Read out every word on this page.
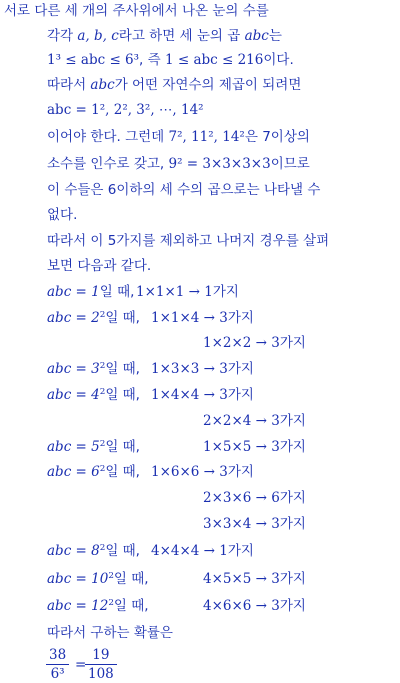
서로 다른 세 개의 주사위에서 나온 눈의 수를
각각 a, b, c라고 하면 세 눈의 곱 abc는
1³ ≤ abc ≤ 6³, 즉 1 ≤ abc ≤ 216이다.
따라서 abc가 어떤 자연수의 제곱이 되려면
abc = 1², 2², 3², ⋯, 14²
이어야 한다. 그런데 7², 11², 14²은 7이상의
소수를 인수로 갖고, 9² = 3×3×3×3이므로
이 수들은 6이하의 세 수의 곱으로는 나타낼 수
없다.
따라서 이 5가지를 제외하고 나머지 경우를 살펴
보면 다음과 같다.
abc = 1일 때,
abc = $2^2$일 때,
abc = $3^2$일 때,
abc = $4^2$일 때,
abc = $5^2$일 때,
abc = $6^2$일 때,
abc = $8^2$일 때,
abc = $10^2$일 때,
abc = $12^2$일 때,
1×1×1 → 1가지
1×1×4 → 3가지
1×2×2 → 3가지
1×3×3 → 3가지
1×4×4 → 3가지
2×2×4 → 3가지
1×5×5 → 3가지
1×6×6 → 3가지
2×3×6 → 6가지
3×3×4 → 3가지
4×4×4 → 1가지
4×5×5 → 3가지
4×6×6 → 3가지
따라서 구하는 확률은
$\frac{38}{\text{6³}}$ =
$\frac{19}{108}$
